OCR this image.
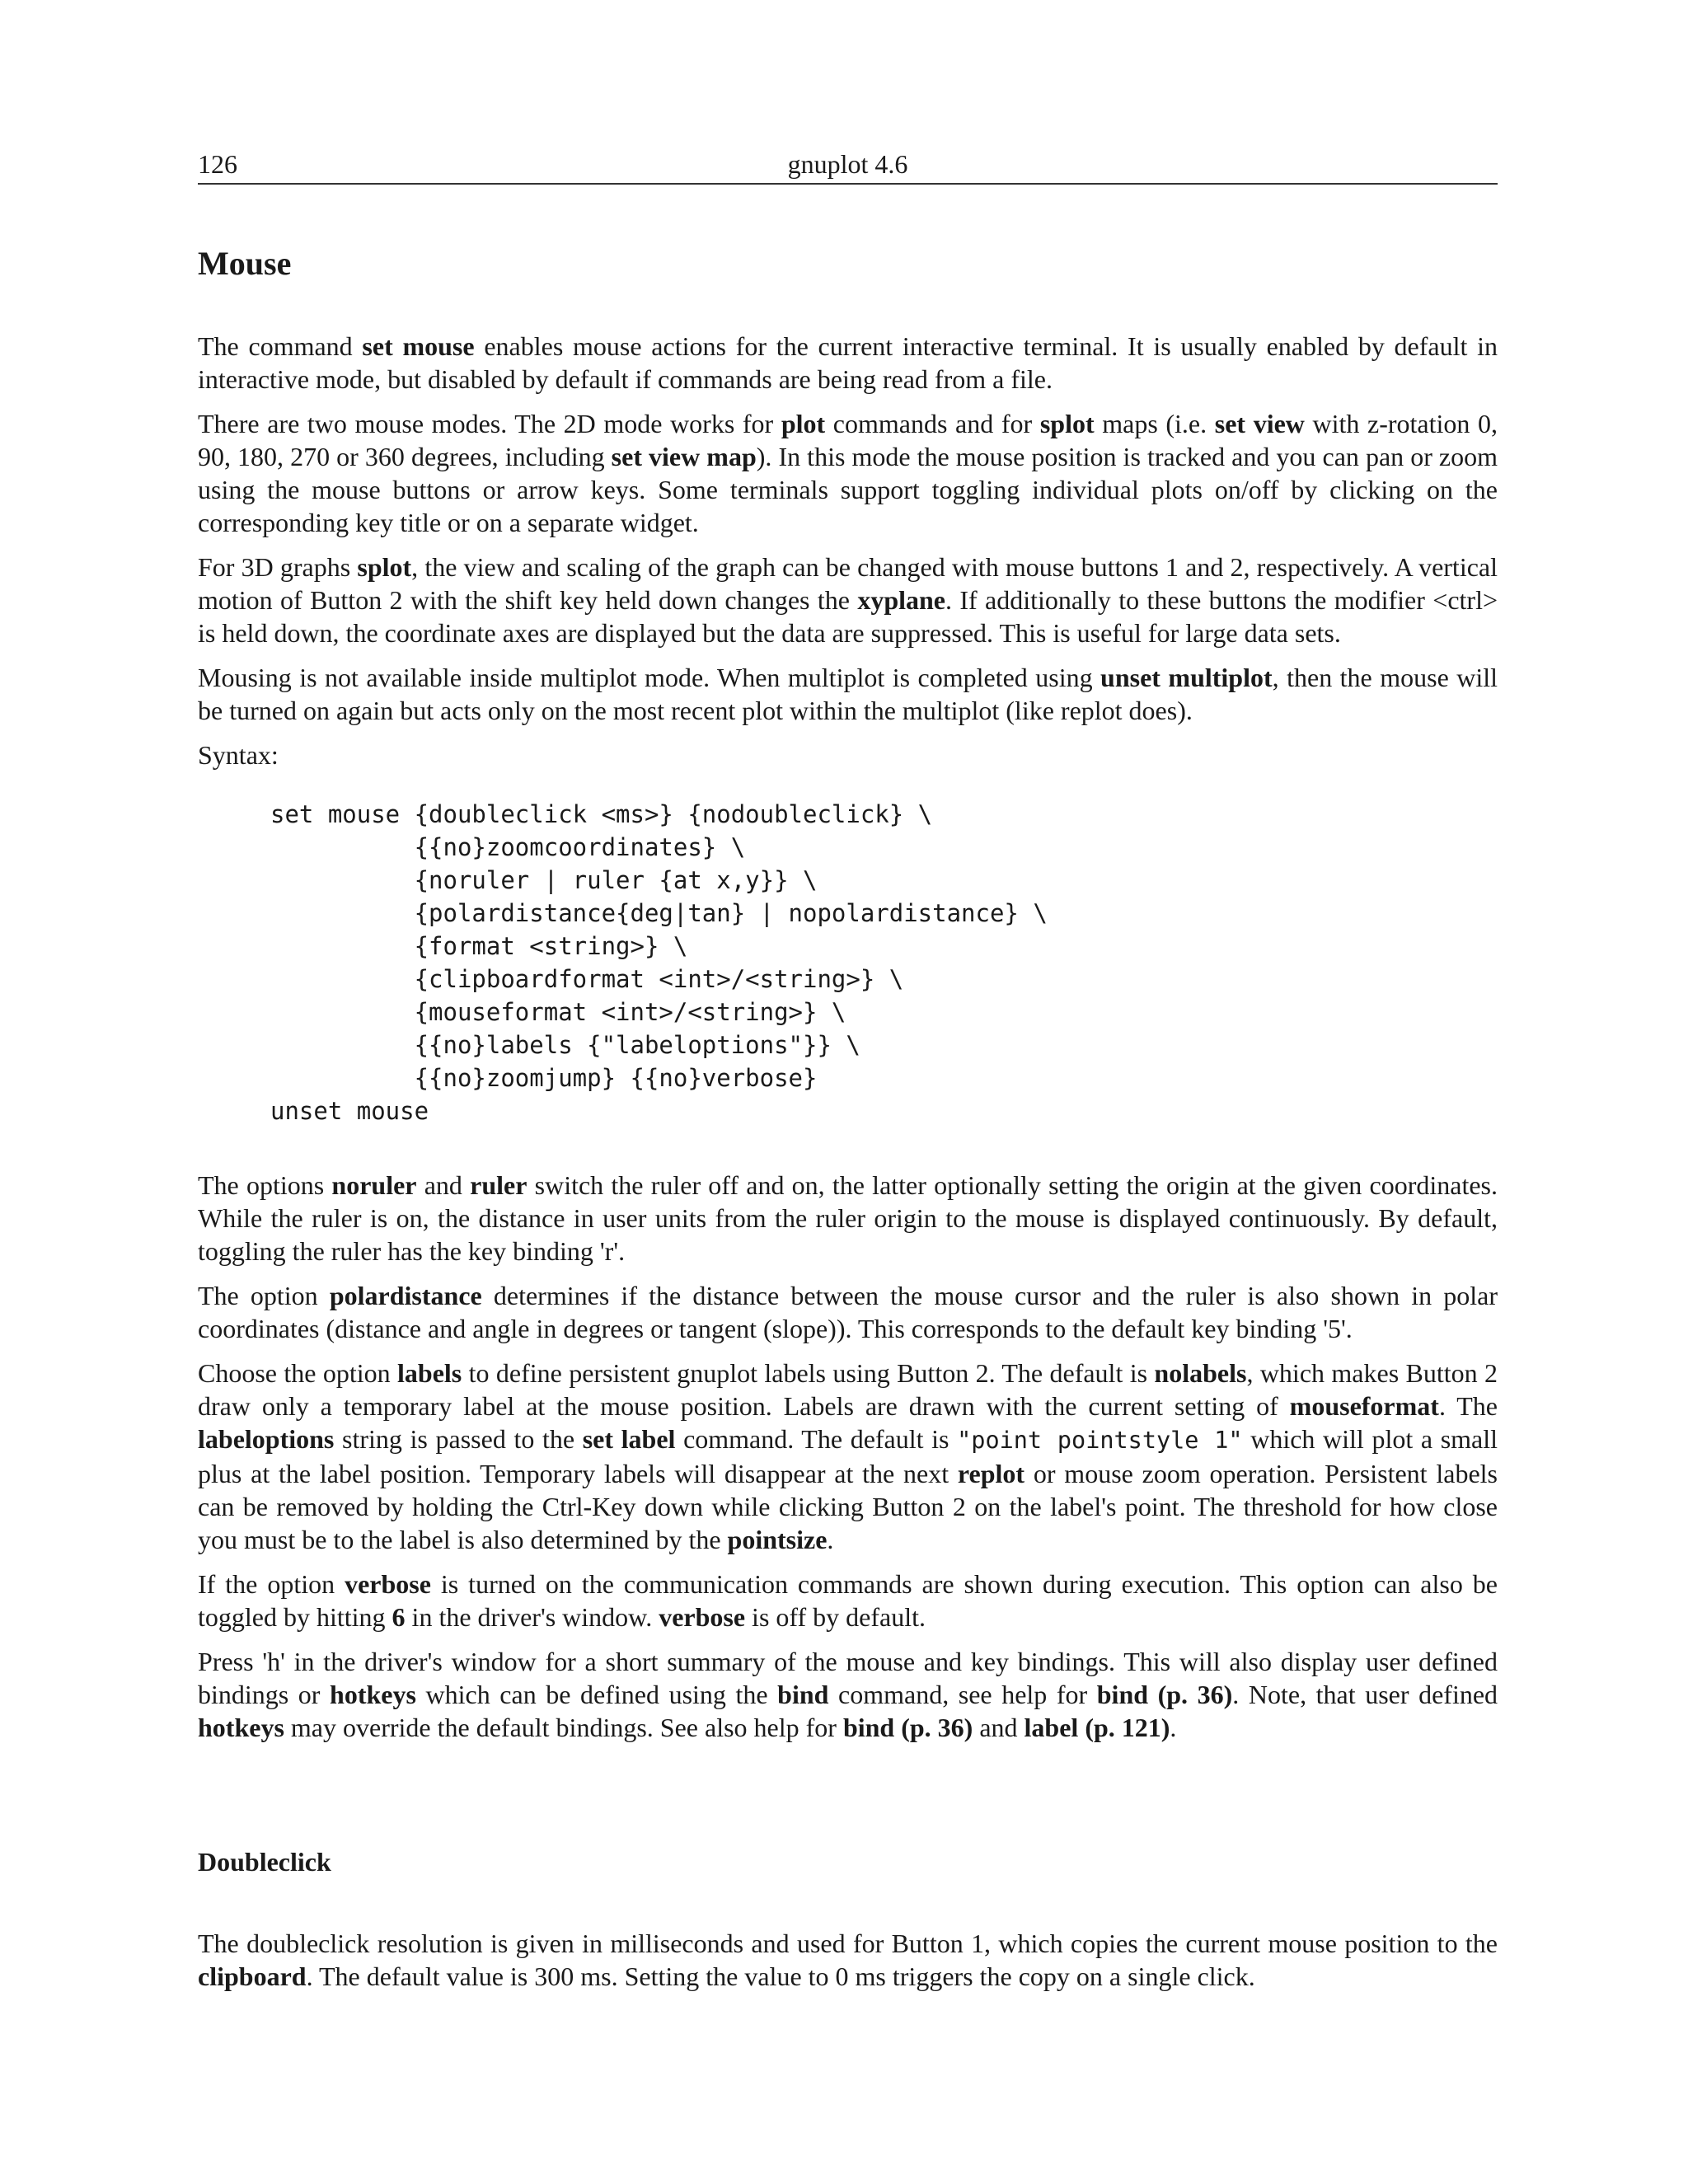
126	gnuplot 4.6
Mouse

The command set mouse enables mouse actions for the current interactive terminal. It is usually enabled by default in interactive mode, but disabled by default if commands are being read from a file.

There are two mouse modes. The 2D mode works for plot commands and for splot maps (i.e. set view with z-rotation 0, 90, 180, 270 or 360 degrees, including set view map). In this mode the mouse position is tracked and you can pan or zoom using the mouse buttons or arrow keys. Some terminals support toggling individual plots on/off by clicking on the corresponding key title or on a separate widget.

For 3D graphs splot, the view and scaling of the graph can be changed with mouse buttons 1 and 2, respectively. A vertical motion of Button 2 with the shift key held down changes the xyplane. If additionally to these buttons the modifier <ctrl> is held down, the coordinate axes are displayed but the data are suppressed. This is useful for large data sets.

Mousing is not available inside multiplot mode. When multiplot is completed using unset multiplot, then the mouse will be turned on again but acts only on the most recent plot within the multiplot (like replot does).

Syntax:

set mouse {doubleclick <ms>} {nodoubleclick} \
{{no}zoomcoordinates} \
{noruler | ruler {at x,y}} \
{polardistance{deg|tan} | nopolardistance} \
{format <string>} \
{clipboardformat <int>/<string>} \
{mouseformat <int>/<string>} \
{{no}labels {"labeloptions"}} \
{{no}zoomjump} {{no}verbose}
unset mouse

The options noruler and ruler switch the ruler off and on, the latter optionally setting the origin at the given coordinates. While the ruler is on, the distance in user units from the ruler origin to the mouse is displayed continuously. By default, toggling the ruler has the key binding 'r'.

The option polardistance determines if the distance between the mouse cursor and the ruler is also shown in polar coordinates (distance and angle in degrees or tangent (slope)). This corresponds to the default key binding '5'.

Choose the option labels to define persistent gnuplot labels using Button 2. The default is nolabels, which makes Button 2 draw only a temporary label at the mouse position. Labels are drawn with the current setting of mouseformat. The labeloptions string is passed to the set label command. The default is "point pointstyle 1" which will plot a small plus at the label position. Temporary labels will disappear at the next replot or mouse zoom operation. Persistent labels can be removed by holding the Ctrl-Key down while clicking Button 2 on the label's point. The threshold for how close you must be to the label is also determined by the pointsize.

If the option verbose is turned on the communication commands are shown during execution. This option can also be toggled by hitting 6 in the driver's window. verbose is off by default.

Press 'h' in the driver's window for a short summary of the mouse and key bindings. This will also display user defined bindings or hotkeys which can be defined using the bind command, see help for bind (p. 36). Note, that user defined hotkeys may override the default bindings. See also help for bind (p. 36) and label (p. 121).

Doubleclick

The doubleclick resolution is given in milliseconds and used for Button 1, which copies the current mouse position to the clipboard. The default value is 300 ms. Setting the value to 0 ms triggers the copy on a single click.
